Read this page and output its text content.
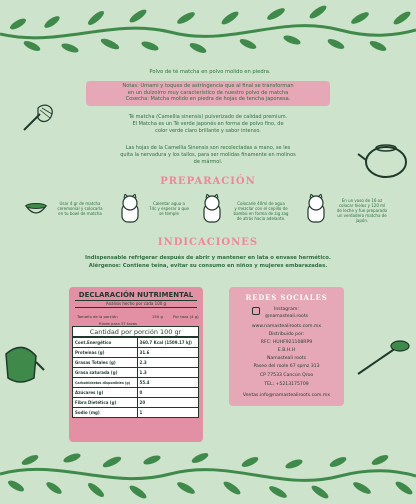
Polvo de té matcha en polvo molido en piedra.
Notas: Umami y toques de astringencia que al final se transforman
en un dulzoirro muy característico de nuestro polvo de matcha
Cosecha: Matcha molido en piedra de hojas de tencha japonesa.
Té matcha (Camellia sinensis) pulverizado de calidad premium.
El Matcha es un Té verde japonés en forma de polvo fino, de
color verde claro brillante y sabor intenso.
Las hojas de la Camellia Sinensis son recolectadas a mano, se les
quita la nervadura y los tallos, para ser molidas finamente en molinos
de mármol.
PREPARACIÓN
Usar 4 gr de matcha
ceremonial y colocarla
en tu bowl de matcha
Calentar agua a
74c y esperar a que
se temple
Colocarle 40ml de agua
y mezclar con el cepillo de
bambú en forma de zig zag
de atrás hacia adelante.
En un vaso de 16 oz
colocar hielos y 120 ml
de leche y fue preparado
un verdadero matcha de
japón.
INDICACIONES
Indispensable refrigerar después de abrir y mantener en lata o envase hermético.
Alérgenos: Contiene teína, evitar su consumo en niños y mujeres embarazadas.
DECLARACIÓN NUTRIMENTAL
Análisis hecho por cada 100 g
Tamaño de la porción	150 g	Por taza (4 g)
Rinde para 37 tazas
Cantidad por porción 100 gr
Cont.Energético	360.7 Kcal (1509.17 kJ)
Proteínas (g)	31.6
Grasas Totales (g)	2.3
Grasa saturada (g)	1.3
Carbohidratos disponibles (g)	55.4
Azúcares (g)	0
Fibra Dietética (g)	20
Sodio (mg)	1
REDES SOCIALES
Instagram:
@namasteali.roots
www.namastealiroots.com.mx
Distribuido por:
RFC: HUHF921108RP9
E.B.H.H
Namasteali roots
Paseo del roole 67 spmz 313
CP 77533 Cancún Qroo
TEL: +5213175709
Ventas.info@namastealiroots.com.mx
